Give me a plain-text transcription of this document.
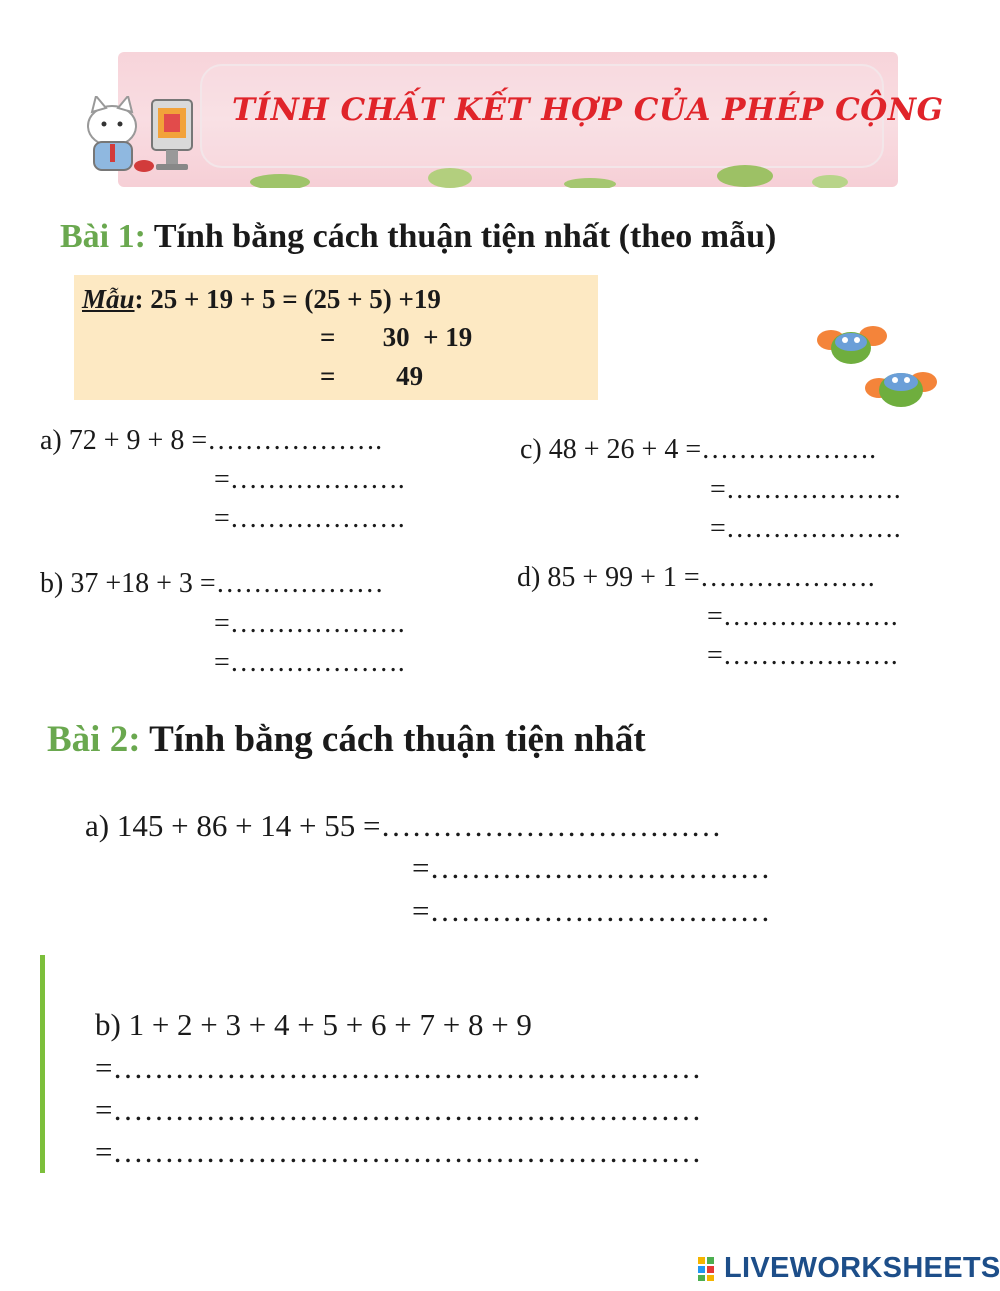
TÍNH CHẤT KẾT HỢP CỦA PHÉP CỘNG
Bài 1: Tính bằng cách thuận tiện nhất (theo mẫu)
Mẫu: 25 + 19 + 5 = (25 + 5) +19
=       30  + 19
=         49
a) 72 + 9 + 8 =……………….
=……………….
=……………….
c) 48 + 26 + 4 =……………….
=……………….
=……………….
b) 37 +18 + 3 =………………
=……………….
=……………….
d) 85 + 99 + 1 =……………….
=……………….
=……………….
Bài 2: Tính bằng cách thuận tiện nhất
a) 145 + 86 + 14 + 55 =……………………………
=……………………………
=……………………………
b) 1 + 2 + 3 + 4 + 5 + 6 + 7 + 8 + 9
=…………………………………………………
=…………………………………………………
=…………………………………………………
LIVEWORKSHEETS
